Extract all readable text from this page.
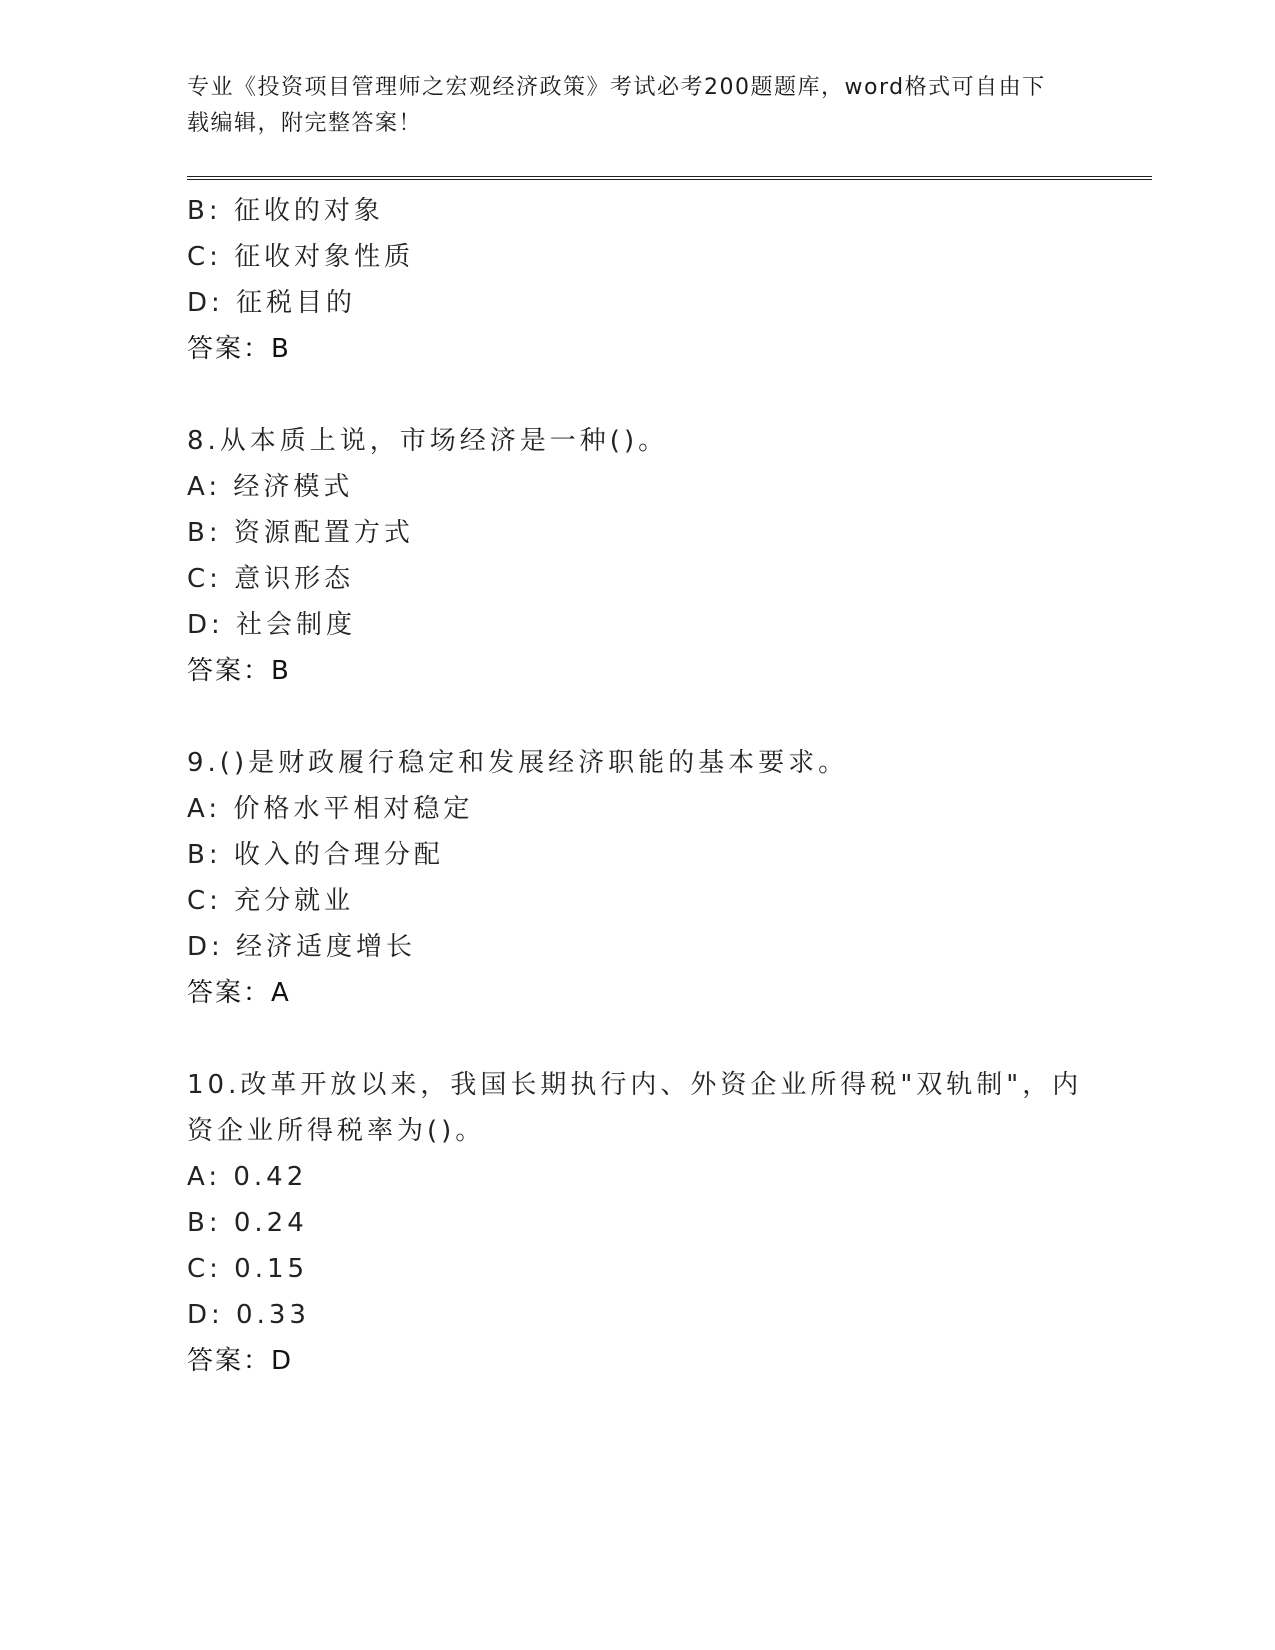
专业《投资项目管理师之宏观经济政策》考试必考200题题库，word格式可自由下载编辑，附完整答案！
B: 征收的对象
C: 征收对象性质
D: 征税目的
答案：B
8.从本质上说，市场经济是一种()。
A: 经济模式
B: 资源配置方式
C: 意识形态
D: 社会制度
答案：B
9.()是财政履行稳定和发展经济职能的基本要求。
A: 价格水平相对稳定
B: 收入的合理分配
C: 充分就业
D: 经济适度增长
答案：A
10.改革开放以来，我国长期执行内、外资企业所得税"双轨制"，内资企业所得税率为()。
A: 0.42
B: 0.24
C: 0.15
D: 0.33
答案：D
